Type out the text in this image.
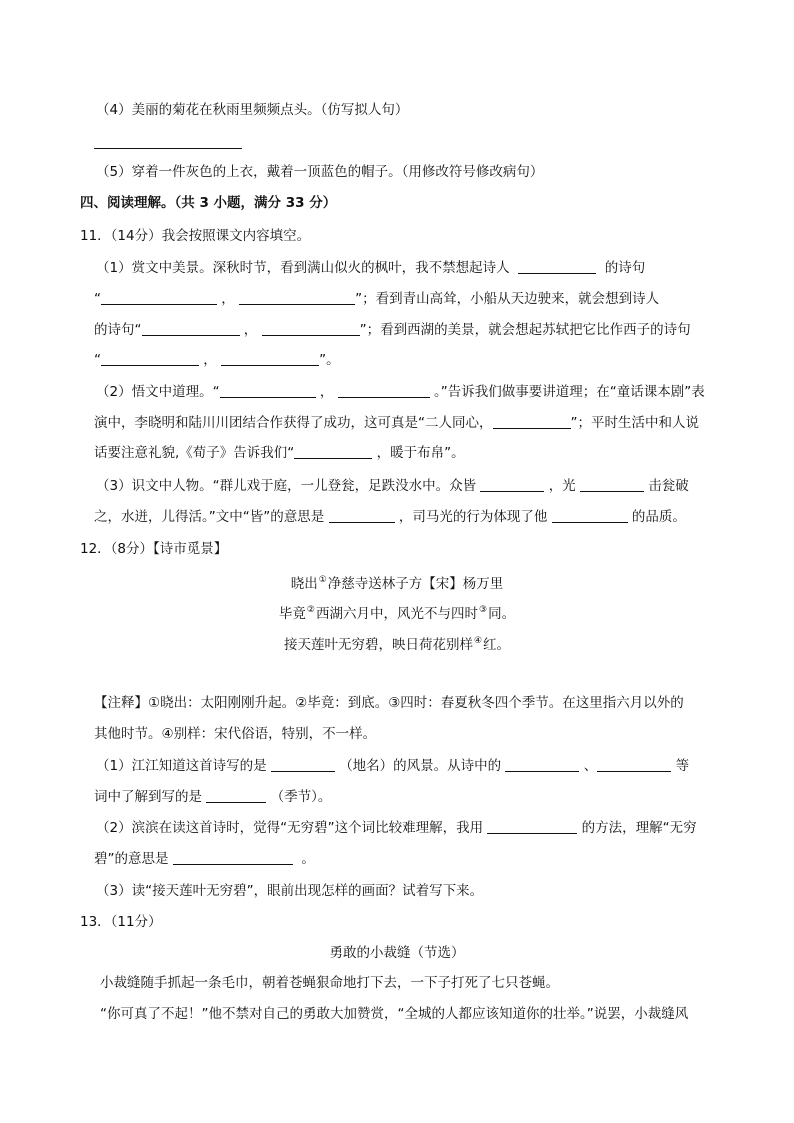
（4）美丽的菊花在秋雨里频频点头。（仿写拟人句）
（5）穿着一件灰色的上衣，戴着一顶蓝色的帽子。（用修改符号修改病句）
四、阅读理解。（共 3 小题，满分 33 分）
11．（14分）我会按照课文内容填空。
（1）赏文中美景。深秋时节，看到满山似火的枫叶，我不禁想起诗人	的诗句
“	，	”；看到青山高耸，小船从天边驶来，就会想到诗人
的诗句“	，	”；看到西湖的美景，就会想起苏轼把它比作西子的诗句
“	，	”。
（2）悟文中道理。“	，	。”告诉我们做事要讲道理；在“童话课本剧”表
演中，李晓明和陆川川团结合作获得了成功，这可真是“二人同心，	”；平时生活中和人说
话要注意礼貌,《荀子》告诉我们“	，暖于布帛”。
（3）识文中人物。“群儿戏于庭，一儿登瓮，足跌没水中。众皆	，光	击瓮破
之，水迸，儿得活。”文中“皆”的意思是	，司马光的行为体现了他	的品质。
12．（8分）【诗市觅景】
晓出①净慈寺送林子方【宋】杨万里
毕竟②西湖六月中，风光不与四时③同。
接天莲叶无穷碧，映日荷花别样④红。
【注释】①晓出：太阳刚刚升起。②毕竟：到底。③四时：春夏秋冬四个季节。在这里指六月以外的
其他时节。④别样：宋代俗语，特别，不一样。
（1）江江知道这首诗写的是	（地名）的风景。从诗中的	、	等
词中了解到写的是	（季节）。
（2）滨滨在读这首诗时，觉得“无穷碧”这个词比较难理解，我用	的方法，理解“无穷
碧”的意思是	。
（3）读“接天莲叶无穷碧”，眼前出现怎样的画面？试着写下来。
13．（11分）
勇敢的小裁缝（节选）
小裁缝随手抓起一条毛巾，朝着苍蝇狠命地打下去，一下子打死了七只苍蝇。
“你可真了不起！”他不禁对自己的勇敢大加赞赏，“全城的人都应该知道你的壮举。”说罢，小裁缝风
